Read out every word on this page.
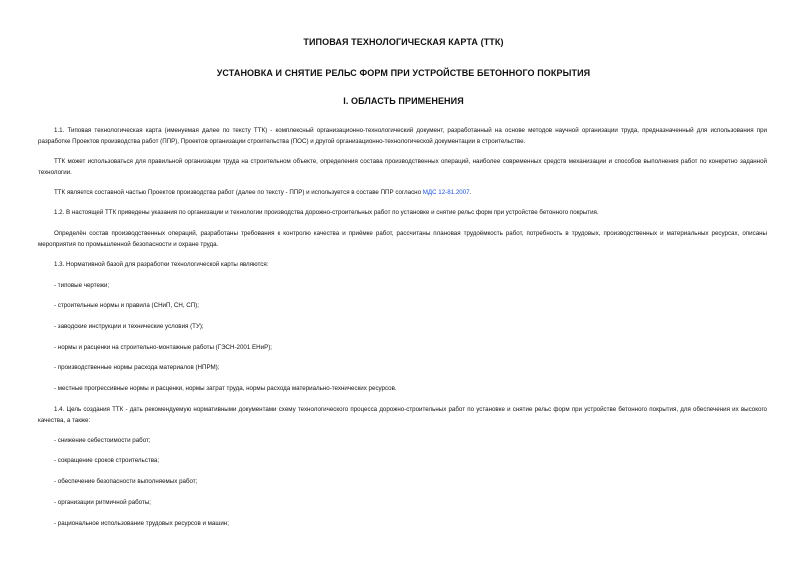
ТИПОВАЯ ТЕХНОЛОГИЧЕСКАЯ КАРТА (ТТК)
УСТАНОВКА И СНЯТИЕ РЕЛЬС ФОРМ ПРИ УСТРОЙСТВЕ БЕТОННОГО ПОКРЫТИЯ
I. ОБЛАСТЬ ПРИМЕНЕНИЯ
1.1. Типовая технологическая карта (именуемая далее по тексту ТТК) - комплексный организационно-технологический документ, разработанный на основе методов научной организации труда, предназначенный для использования при разработке Проектов производства работ (ППР), Проектов организации строительства (ПОС) и другой организационно-технологической документации в строительстве.
ТТК может использоваться для правильной организации труда на строительном объекте, определения состава производственных операций, наиболее современных средств механизации и способов выполнения работ по конкретно заданной технологии.
ТТК является составной частью Проектов производства работ (далее по тексту - ППР) и используется в составе ППР согласно МДС 12-81.2007.
1.2. В настоящей ТТК приведены указания по организации и технологии производства дорожно-строительных работ по установке и снятие рельс форм при устройстве бетонного покрытия.
Определён состав производственных операций, разработаны требования к контролю качества и приёмке работ, рассчитаны плановая трудоёмкость работ, потребность в трудовых, производственных и материальных ресурсах, описаны мероприятия по промышленной безопасности и охране труда.
1.3. Нормативной базой для разработки технологической карты являются:
- типовые чертежи;
- строительные нормы и правила (СНиП, СН, СП);
- заводские инструкции и технические условия (ТУ);
- нормы и расценки на строительно-монтажные работы (ГЭСН-2001 ЕНиР);
- производственные нормы расхода материалов (НПРМ);
- местные прогрессивные нормы и расценки, нормы затрат труда, нормы расхода материально-технических ресурсов.
1.4. Цель создания ТТК - дать рекомендуемую нормативными документами схему технологического процесса дорожно-строительных работ по установке и снятие рельс форм при устройстве бетонного покрытия, для обеспечения их высокого качества, а также:
- снижение себестоимости работ;
- сокращение сроков строительства;
- обеспечение безопасности выполняемых работ;
- организации ритмичной работы;
- рациональное использование трудовых ресурсов и машин;
